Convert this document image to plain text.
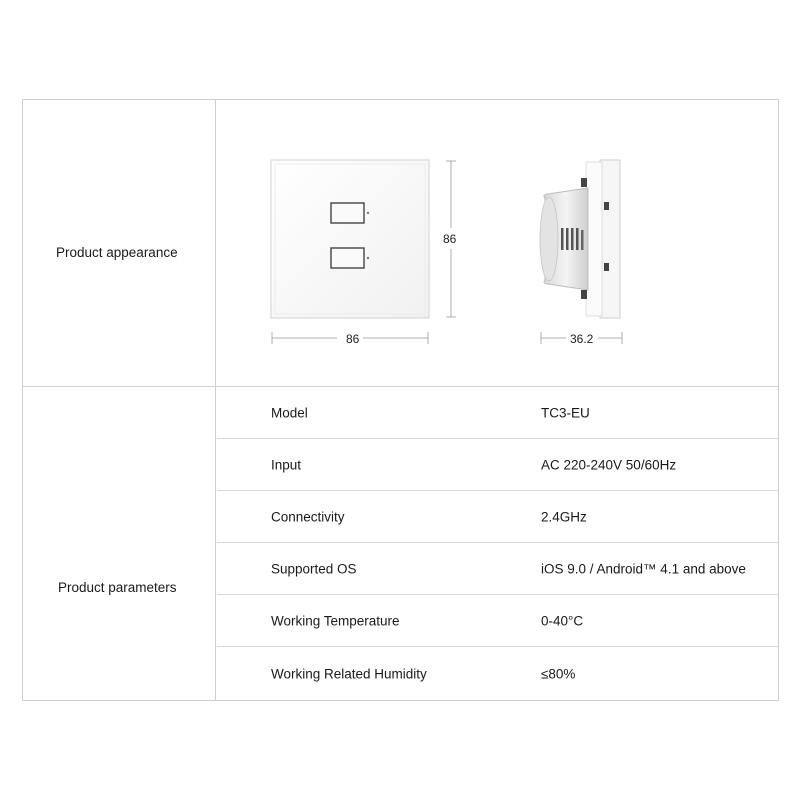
Product appearance
86
86	36.2
Product parameters
Model	TC3-EU
Input	AC 220-240V 50/60Hz
Connectivity	2.4GHz
Supported OS	iOS 9.0 / Android™ 4.1 and above
Working Temperature	0-40°C
Working Related Humidity	≤80%
